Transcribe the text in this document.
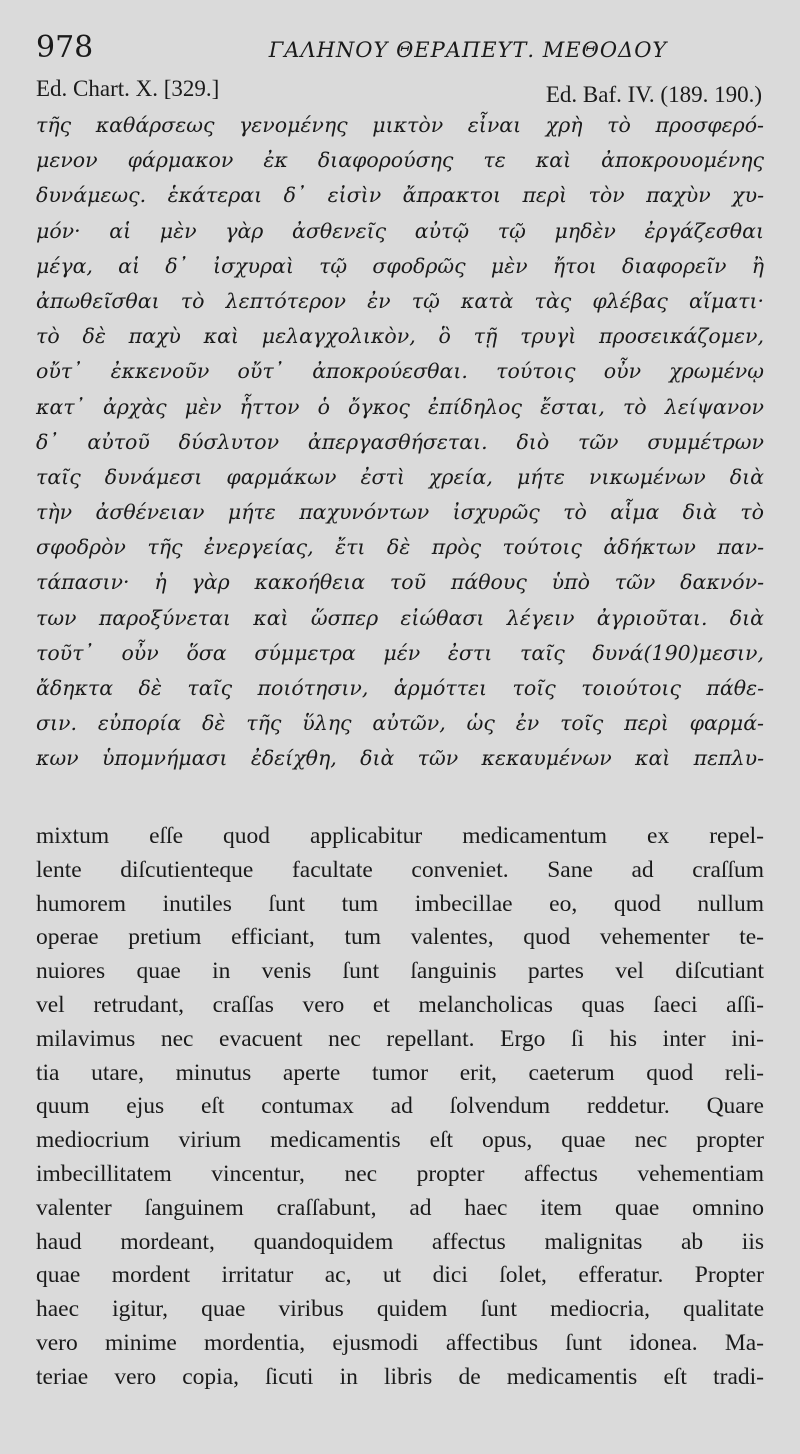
978	ΓΑΛΗΝΟΥ ΘΕΡΑΠΕΥΤ. ΜΕΘΟΔΟΥ
Ed. Chart. X. [329.]	Ed. Baf. IV. (189. 190.)
τῆς καθάρσεως γενομένης μικτὸν εἶναι χρὴ τὸ προσφερό-
μενον φάρμακον ἐκ διαφορούσης τε καὶ ἀποκρουομένης
δυνάμεως. ἑκάτεραι δ᾽ εἰσὶν ἄπρακτοι περὶ τὸν παχὺν χυ-
μόν· αἱ μὲν γὰρ ἀσθενεῖς αὐτῷ τῷ μηδὲν ἐργάζεσθαι
μέγα, αἱ δ᾽ ἰσχυραὶ τῷ σφοδρῶς μὲν ἤτοι διαφορεῖν ἢ
ἀπωθεῖσθαι τὸ λεπτότερον ἐν τῷ κατὰ τὰς φλέβας αἵματι·
τὸ δὲ παχὺ καὶ μελαγχολικὸν, ὃ τῇ τρυγὶ προσεικάζομεν,
οὔτ᾽ ἐκκενοῦν οὔτ᾽ ἀποκρούεσθαι. τούτοις οὖν χρωμένῳ
κατ᾽ ἀρχὰς μὲν ἧττον ὁ ὄγκος ἐπίδηλος ἔσται, τὸ λείψανον
δ᾽ αὐτοῦ δύσλυτον ἀπεργασθήσεται. διὸ τῶν συμμέτρων
ταῖς δυνάμεσι φαρμάκων ἐστὶ χρεία, μήτε νικωμένων διὰ
τὴν ἀσθένειαν μήτε παχυνόντων ἰσχυρῶς τὸ αἷμα διὰ τὸ
σφοδρὸν τῆς ἐνεργείας, ἔτι δὲ πρὸς τούτοις ἀδήκτων παν-
τάπασιν· ἡ γὰρ κακοήθεια τοῦ πάθους ὑπὸ τῶν δακνόν-
των παροξύνεται καὶ ὥσπερ εἰώθασι λέγειν ἀγριοῦται. διὰ
τοῦτ᾽ οὖν ὅσα σύμμετρα μέν ἐστι ταῖς δυνά(190)μεσιν,
ἄδηκτα δὲ ταῖς ποιότησιν, ἁρμόττει τοῖς τοιούτοις πάθε-
σιν. εὐπορία δὲ τῆς ὕλης αὐτῶν, ὡς ἐν τοῖς περὶ φαρμά-
κων ὑπομνήμασι ἐδείχθη, διὰ τῶν κεκαυμένων καὶ πεπλυ-
mixtum eſſe quod applicabitur medicamentum ex repel-
lente diſcutienteque facultate conveniet. Sane ad craſſum
humorem inutiles ſunt tum imbecillae eo, quod nullum
operae pretium efficiant, tum valentes, quod vehementer te-
nuiores quae in venis ſunt ſanguinis partes vel diſcutiant
vel retrudant, craſſas vero et melancholicas quas ſaeci aſſi-
milavimus nec evacuent nec repellant. Ergo ſi his inter ini-
tia utare, minutus aperte tumor erit, caeterum quod reli-
quum ejus eſt contumax ad ſolvendum reddetur. Quare
mediocrium virium medicamentis eſt opus, quae nec propter
imbecillitatem vincentur, nec propter affectus vehementiam
valenter ſanguinem craſſabunt, ad haec item quae omnino
haud mordeant, quandoquidem affectus malignitas ab iis
quae mordent irritatur ac, ut dici ſolet, efferatur. Propter
haec igitur, quae viribus quidem ſunt mediocria, qualitate
vero minime mordentia, ejusmodi affectibus ſunt idonea. Ma-
teriae vero copia, ſicuti in libris de medicamentis eſt tradi-
